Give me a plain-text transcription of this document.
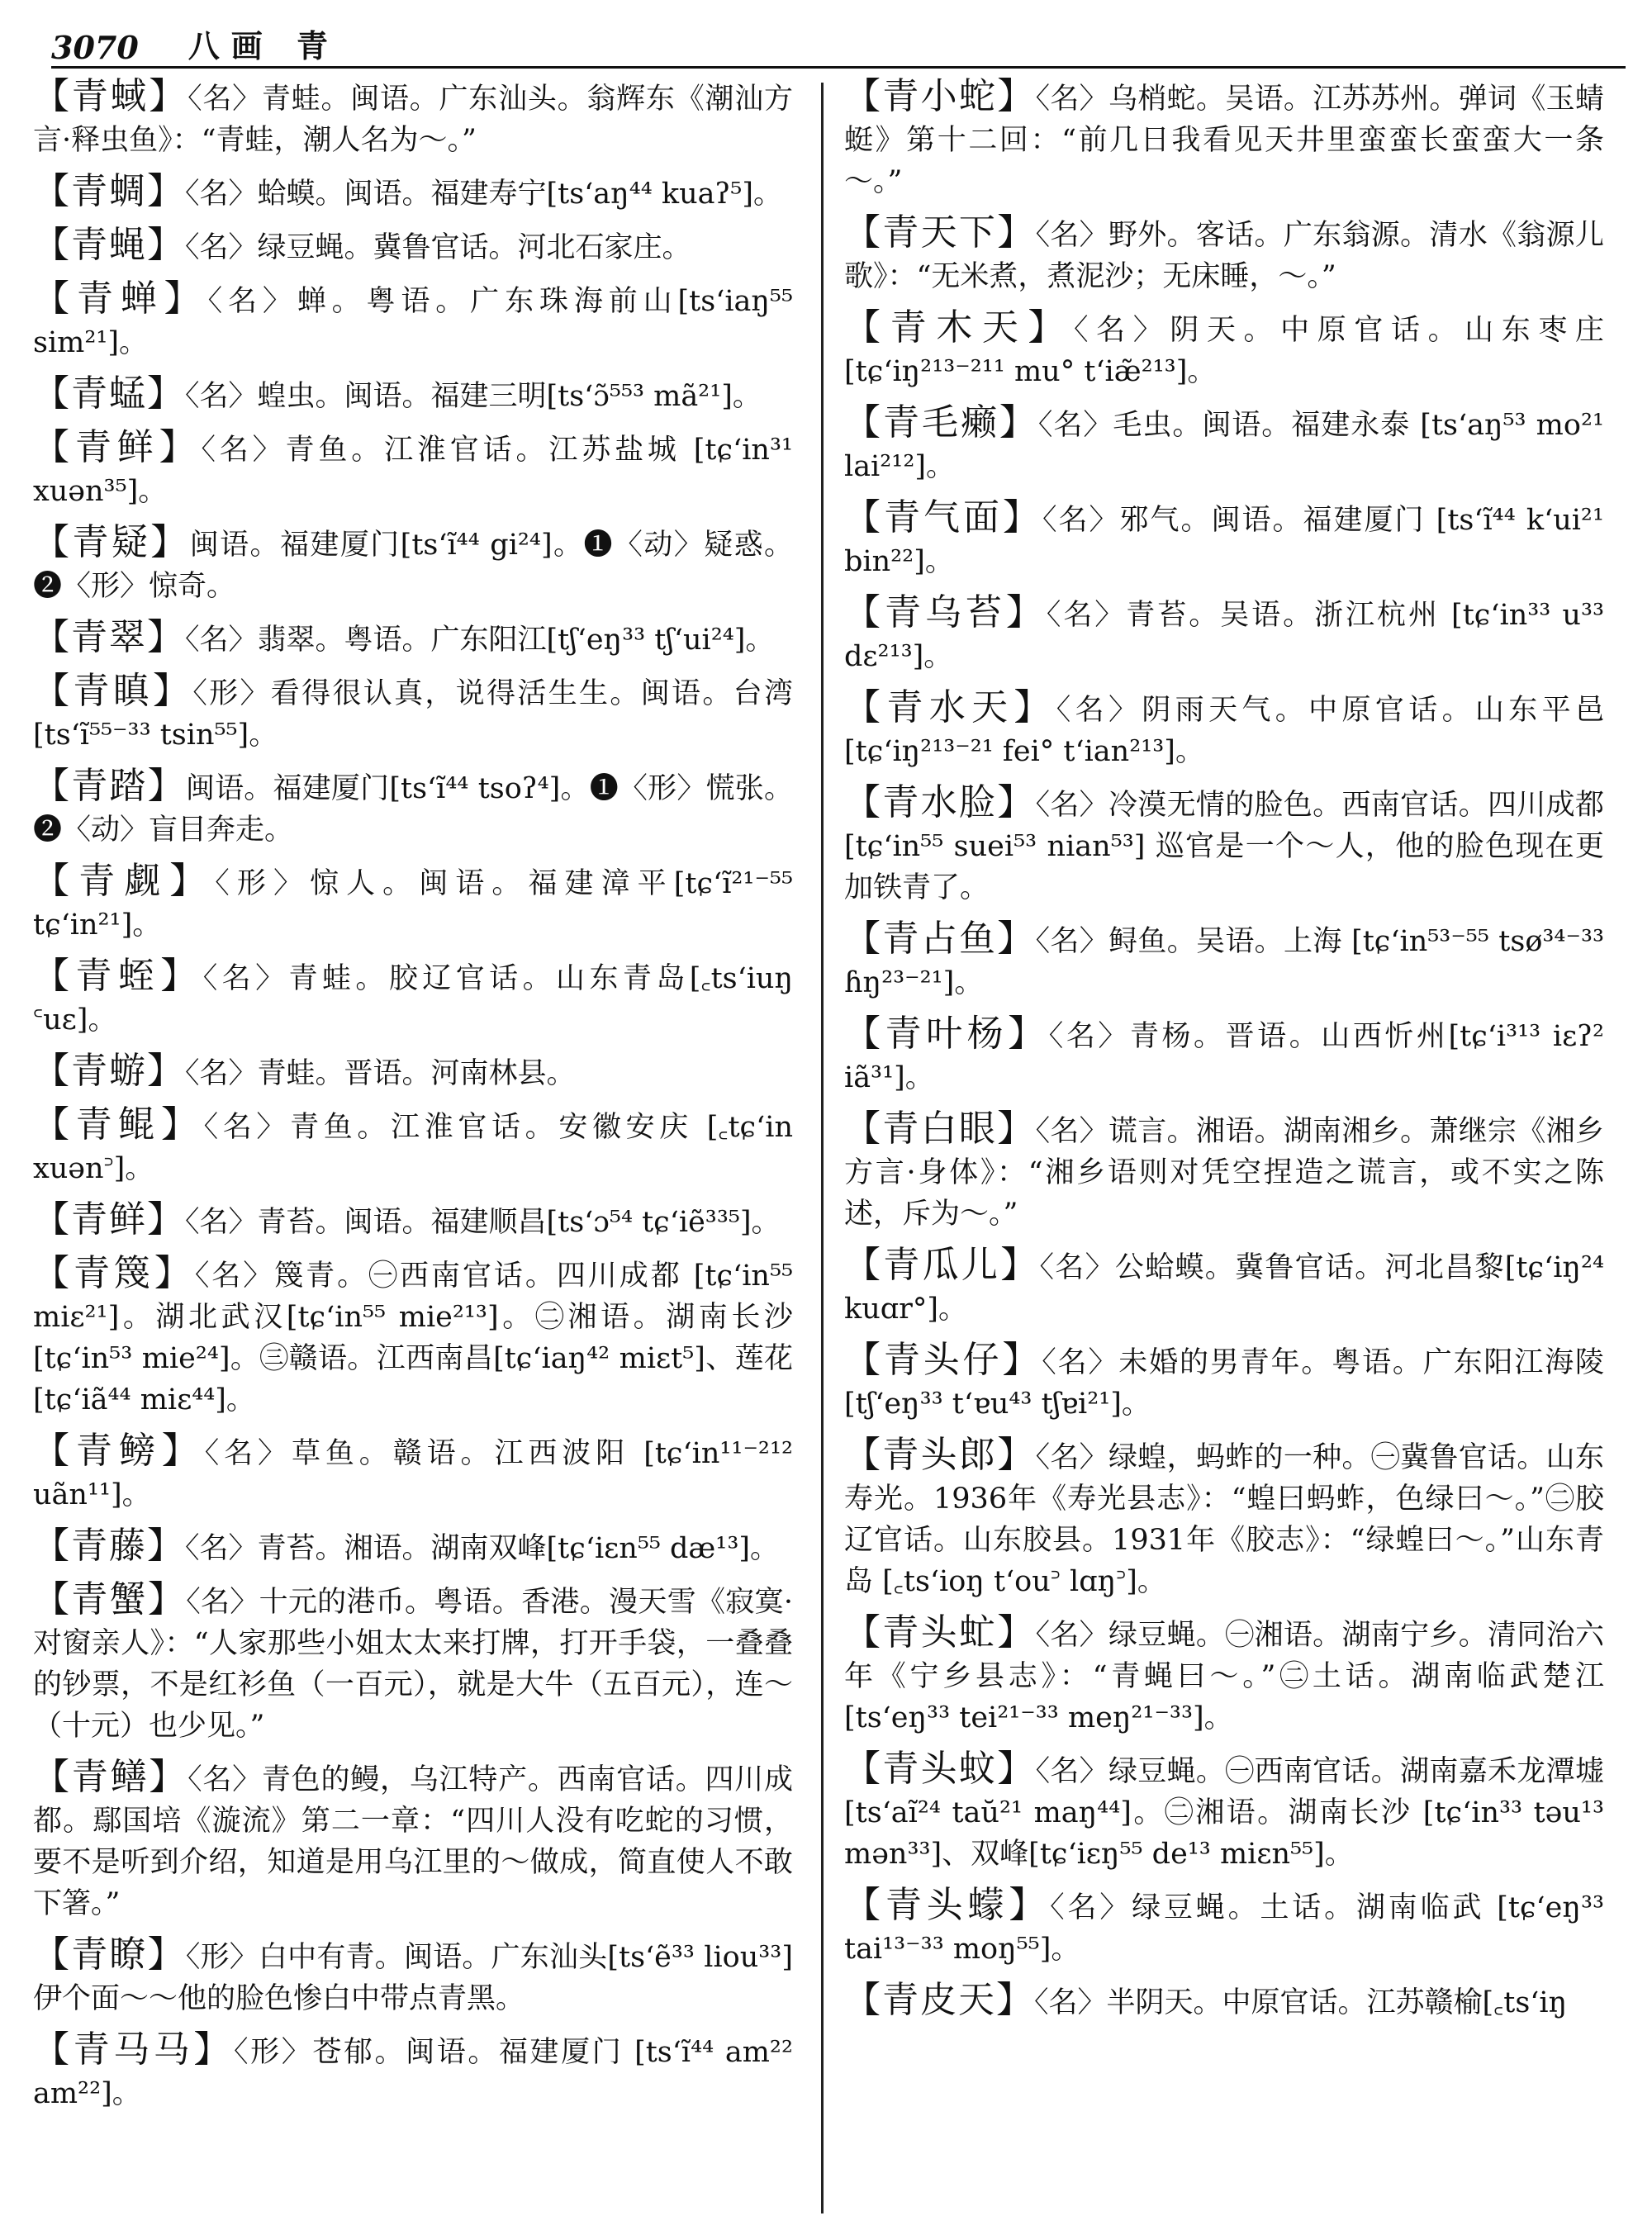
3070 八画 青

【青蜮】〈名〉青蛙。闽语。广东汕头。翁辉东《潮汕方言·释虫鱼》：“青蛙，潮人名为～。”

【青蜩】〈名〉蛤蟆。闽语。福建寿宁[ts‘aŋ⁴⁴ kuaʔ⁵]。

【青蝇】〈名〉绿豆蝇。冀鲁官话。河北石家庄。

【青蝉】〈名〉蝉。粤语。广东珠海前山[ts‘iaŋ⁵⁵ sim²¹]。

【青蜢】〈名〉蝗虫。闽语。福建三明[ts‘ɔ̃⁵⁵³ mã²¹]。

【青鲜】〈名〉青鱼。江淮官话。江苏盐城 [tɕ‘in³¹ xuən³⁵]。

【青疑】闽语。福建厦门[ts‘ĩ⁴⁴ gi²⁴]。❶〈动〉疑惑。❷〈形〉惊奇。

【青翠】〈名〉翡翠。粤语。广东阳江[tʃ‘eŋ³³ tʃ‘ui²⁴]。

【青瞋】〈形〉看得很认真，说得活生生。闽语。台湾[ts‘ĩ⁵⁵⁻³³ tsin⁵⁵]。

【青踏】闽语。福建厦门[ts‘ĩ⁴⁴ tsoʔ⁴]。❶〈形〉慌张。❷〈动〉盲目奔走。

【青觑】〈形〉惊人。闽语。福建漳平[tɕ‘ĩ²¹⁻⁵⁵ tɕ‘in²¹]。

【青蛭】〈名〉青蛙。胶辽官话。山东青岛[꜀ts‘iuŋ ꜂uɛ]。

【青蝣】〈名〉青蛙。晋语。河南林县。

【青鲲】〈名〉青鱼。江淮官话。安徽安庆 [꜀tɕ‘in xuən꜄]。

【青鲜】〈名〉青苔。闽语。福建顺昌[ts‘ɔ⁵⁴ tɕ‘iẽ³³⁵]。

【青篾】〈名〉篾青。㊀西南官话。四川成都 [tɕ‘in⁵⁵ miɛ²¹]。湖北武汉[tɕ‘in⁵⁵ mie²¹³]。㊁湘语。湖南长沙[tɕ‘in⁵³ mie²⁴]。㊂赣语。江西南昌[tɕ‘iaŋ⁴² miɛt⁵]、莲花[tɕ‘iã⁴⁴ miɛ⁴⁴]。

【青鳑】〈名〉草鱼。赣语。江西波阳 [tɕ‘in¹¹⁻²¹² uãn¹¹]。

【青藤】〈名〉青苔。湘语。湖南双峰[tɕ‘iɛn⁵⁵ dæ¹³]。

【青蟹】〈名〉十元的港币。粤语。香港。漫天雪《寂寞·对窗亲人》：“人家那些小姐太太来打牌，打开手袋，一叠叠的钞票，不是红衫鱼（一百元），就是大牛（五百元），连～（十元）也少见。”

【青鳝】〈名〉青色的鳗，乌江特产。西南官话。四川成都。鄢国培《漩流》第二一章：“四川人没有吃蛇的习惯，要不是听到介绍，知道是用乌江里的～做成，简直使人不敢下箸。”

【青瞭】〈形〉白中有青。闽语。广东汕头[ts‘ẽ³³ liou³³] 伊个面～～他的脸色惨白中带点青黑。

【青马马】〈形〉苍郁。闽语。福建厦门 [ts‘ĩ⁴⁴ am²² am²²]。

【青小蛇】〈名〉乌梢蛇。吴语。江苏苏州。弹词《玉蜻蜓》第十二回：“前几日我看见天井里蛮蛮长蛮蛮大一条～。”

【青天下】〈名〉野外。客话。广东翁源。清水《翁源儿歌》：“无米煮，煮泥沙；无床睡，～。”

【青木天】〈名〉阴天。中原官话。山东枣庄[tɕ‘iŋ²¹³⁻²¹¹ mu° t‘iæ̃²¹³]。

【青毛癞】〈名〉毛虫。闽语。福建永泰 [ts‘aŋ⁵³ mo²¹ lai²¹²]。

【青气面】〈名〉邪气。闽语。福建厦门 [ts‘ĩ⁴⁴ k‘ui²¹ bin²²]。

【青乌苔】〈名〉青苔。吴语。浙江杭州 [tɕ‘in³³ u³³ dɛ²¹³]。

【青水天】〈名〉阴雨天气。中原官话。山东平邑[tɕ‘iŋ²¹³⁻²¹ fei° t‘ian²¹³]。

【青水脸】〈名〉冷漠无情的脸色。西南官话。四川成都[tɕ‘in⁵⁵ suei⁵³ nian⁵³] 巡官是一个～人，他的脸色现在更加铁青了。

【青占鱼】〈名〉鲟鱼。吴语。上海 [tɕ‘in⁵³⁻⁵⁵ tsø³⁴⁻³³ ɦŋ²³⁻²¹]。

【青叶杨】〈名〉青杨。晋语。山西忻州[tɕ‘i³¹³ iɛʔ² iã³¹]。

【青白眼】〈名〉谎言。湘语。湖南湘乡。萧继宗《湘乡方言·身体》：“湘乡语则对凭空捏造之谎言，或不实之陈述，斥为～。”

【青瓜儿】〈名〉公蛤蟆。冀鲁官话。河北昌黎[tɕ‘iŋ²⁴ kuɑr°]。

【青头仔】〈名〉未婚的男青年。粤语。广东阳江海陵 [tʃ‘eŋ³³ t‘ɐu⁴³ tʃɐi²¹]。

【青头郎】〈名〉绿蝗，蚂蚱的一种。㊀冀鲁官话。山东寿光。1936年《寿光县志》：“蝗曰蚂蚱，色绿曰～。”㊁胶辽官话。山东胶县。1931年《胶志》：“绿蝗曰～。”山东青岛 [꜀ts‘ioŋ t‘ou꜄ lɑŋ꜄]。

【青头虻】〈名〉绿豆蝇。㊀湘语。湖南宁乡。清同治六年《宁乡县志》：“青蝇曰～。”㊁土话。湖南临武楚江 [ts‘eŋ³³ tei²¹⁻³³ meŋ²¹⁻³³]。

【青头蚊】〈名〉绿豆蝇。㊀西南官话。湖南嘉禾龙潭墟[ts‘aĩ²⁴ taŭ²¹ maŋ⁴⁴]。㊁湘语。湖南长沙 [tɕ‘in³³ təu¹³ mən³³]、双峰[tɕ‘iɛŋ⁵⁵ de¹³ miɛn⁵⁵]。

【青头蠓】〈名〉绿豆蝇。土话。湖南临武 [tɕ‘eŋ³³ tai¹³⁻³³ moŋ⁵⁵]。

【青皮天】〈名〉半阴天。中原官话。江苏赣榆[꜀ts‘iŋ
